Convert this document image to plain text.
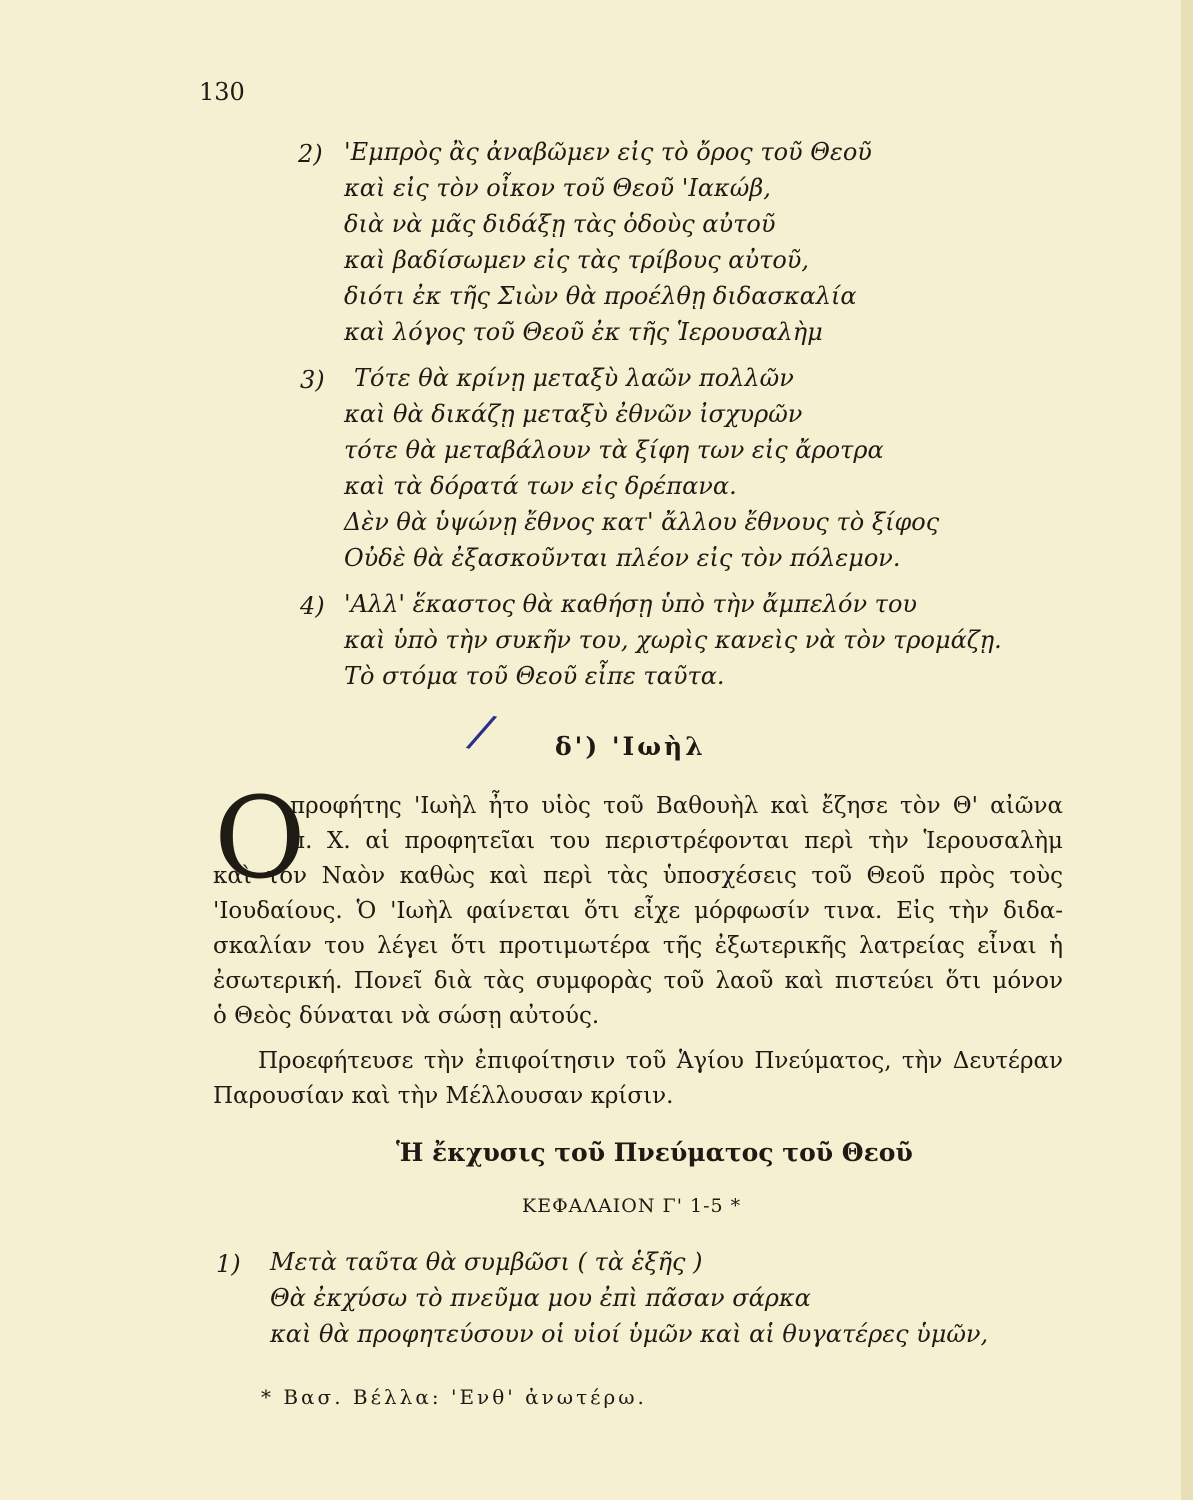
130
2) 'Εμπρὸς ἂς ἀναβῶμεν εἰς τὸ ὄρος τοῦ Θεοῦ
καὶ εἰς τὸν οἶκον τοῦ Θεοῦ 'Ιακώβ,
διὰ νὰ μᾶς διδάξῃ τὰς ὁδοὺς αὐτοῦ
καὶ βαδίσωμεν εἰς τὰς τρίβους αὐτοῦ,
διότι ἐκ τῆς Σιὼν θὰ προέλθῃ διδασκαλία
καὶ λόγος τοῦ Θεοῦ ἐκ τῆς Ἱερουσαλὴμ
3) Τότε θὰ κρίνῃ μεταξὺ λαῶν πολλῶν
καὶ θὰ δικάζῃ μεταξὺ ἐθνῶν ἰσχυρῶν
τότε θὰ μεταβάλουν τὰ ξίφη των εἰς ἄροτρα
καὶ τὰ δόρατά των εἰς δρέπανα.
Δὲν θὰ ὑψώνῃ ἔθνος κατ' ἄλλου ἔθνους τὸ ξίφος
Οὐδὲ θὰ ἐξασκοῦνται πλέον εἰς τὸν πόλεμον.
4) 'Αλλ' ἕκαστος θὰ καθήσῃ ὑπὸ τὴν ἄμπελόν του
καὶ ὑπὸ τὴν συκῆν του, χωρὶς κανεὶς νὰ τὸν τρομάζῃ.
Τὸ στόμα τοῦ Θεοῦ εἶπε ταῦτα.
/ δ') 'Ιωὴλ
Ο
προφήτης 'Ιωὴλ ἦτο υἱὸς τοῦ Βαθουὴλ καὶ ἔζησε τὸν Θ' αἰῶνα
π. Χ. αἱ προφητεῖαι του περιστρέφονται περὶ τὴν Ἱερουσαλὴμ
καὶ τὸν Ναὸν καθὼς καὶ περὶ τὰς ὑποσχέσεις τοῦ Θεοῦ πρὸς τοὺς
'Ιουδαίους. Ὁ 'Ιωὴλ φαίνεται ὅτι εἶχε μόρφωσίν τινα. Εἰς τὴν διδα-
σκαλίαν του λέγει ὅτι προτιμωτέρα τῆς ἐξωτερικῆς λατρείας εἶναι ἡ
ἐσωτερική. Πονεῖ διὰ τὰς συμφορὰς τοῦ λαοῦ καὶ πιστεύει ὅτι μόνον
ὁ Θεὸς δύναται νὰ σώσῃ αὐτούς.
Προεφήτευσε τὴν ἐπιφοίτησιν τοῦ Ἁγίου Πνεύματος, τὴν Δευτέραν
Παρουσίαν καὶ τὴν Μέλλουσαν κρίσιν.
Ἡ ἔκχυσις τοῦ Πνεύματος τοῦ Θεοῦ
ΚΕΦΑΛΑΙΟΝ Γ' 1-5 *
1) Μετὰ ταῦτα θὰ συμβῶσι ( τὰ ἑξῆς )
Θὰ ἐκχύσω τὸ πνεῦμα μου ἐπὶ πᾶσαν σάρκα
καὶ θὰ προφητεύσουν οἱ υἱοί ὑμῶν καὶ αἱ θυγατέρες ὑμῶν,
* Βασ. Βέλλα: 'Ενθ' ἀνωτέρω.
